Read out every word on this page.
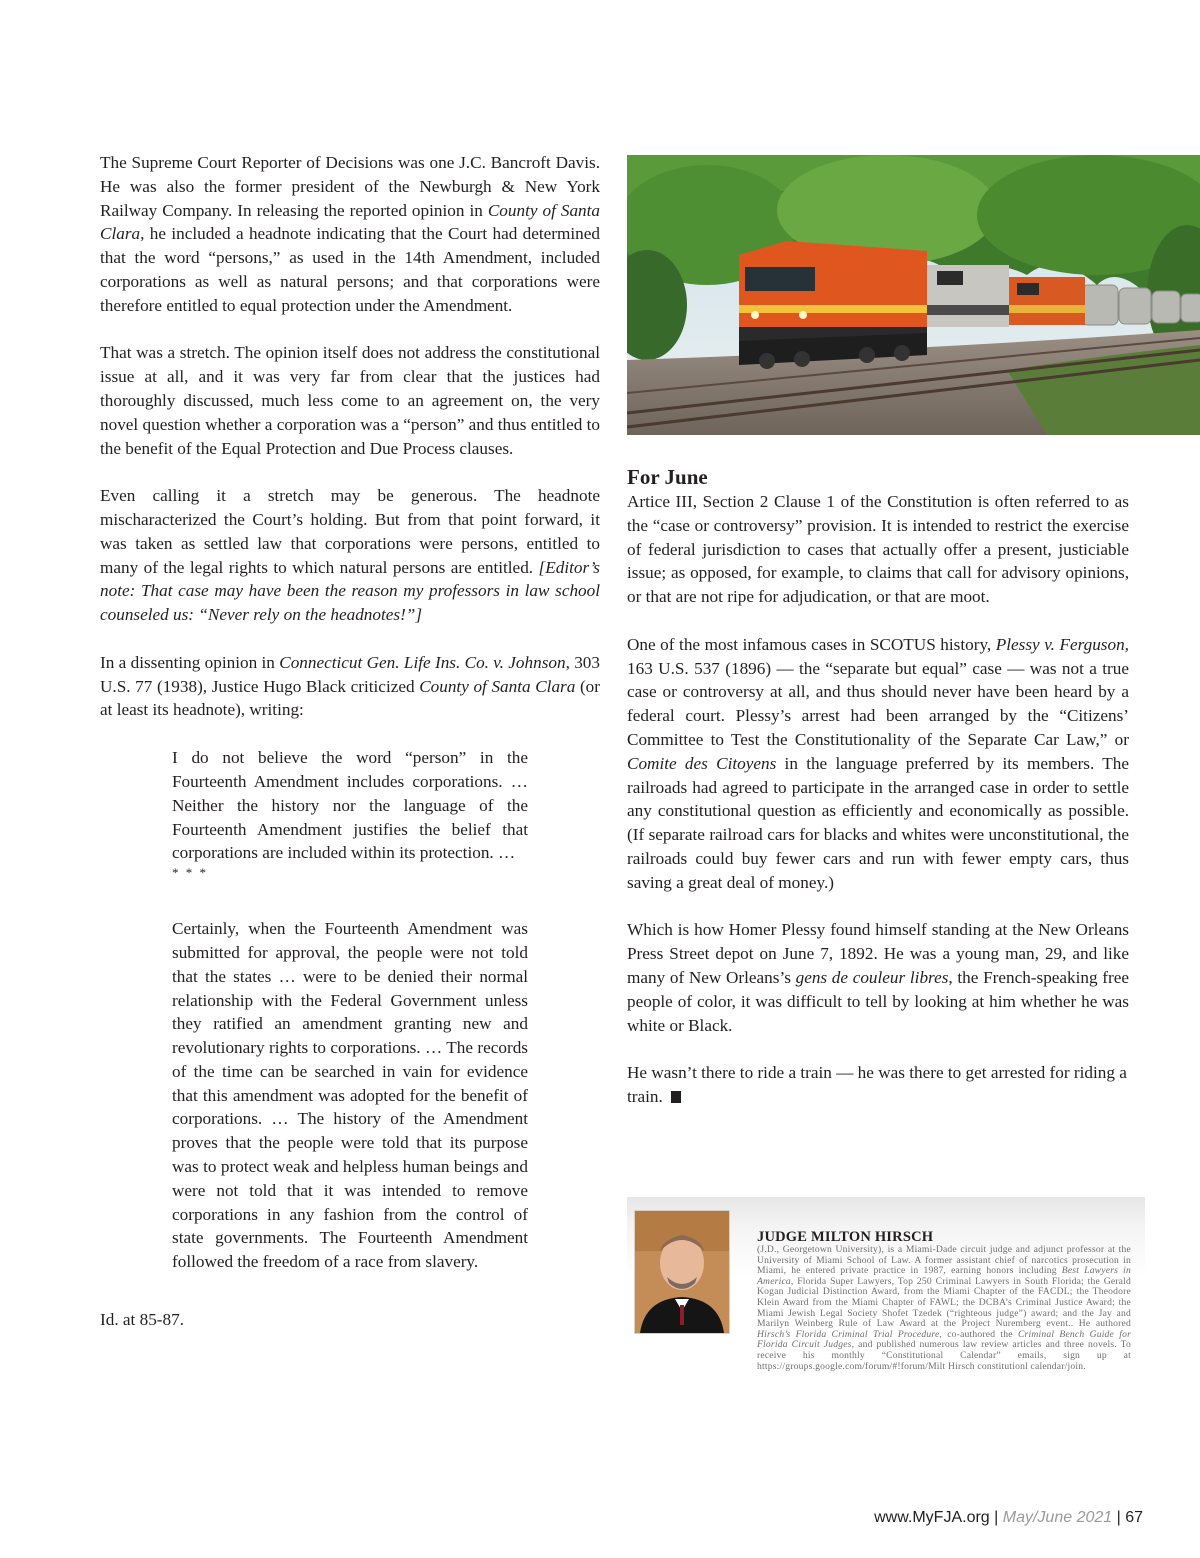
The Supreme Court Reporter of Decisions was one J.C. Bancroft Davis. He was also the former president of the Newburgh & New York Railway Company. In releasing the reported opinion in County of Santa Clara, he included a headnote indicating that the Court had determined that the word “persons,” as used in the 14th Amendment, included corporations as well as natural persons; and that corporations were therefore entitled to equal protection under the Amendment.

That was a stretch. The opinion itself does not address the constitutional issue at all, and it was very far from clear that the justices had thoroughly discussed, much less come to an agreement on, the very novel question whether a corporation was a “person” and thus entitled to the benefit of the Equal Protection and Due Process clauses.

Even calling it a stretch may be generous. The headnote mischaracterized the Court’s holding. But from that point forward, it was taken as settled law that corporations were persons, entitled to many of the legal rights to which natural persons are entitled. [Editor’s note: That case may have been the reason my professors in law school counseled us: “Never rely on the headnotes!”]

In a dissenting opinion in Connecticut Gen. Life Ins. Co. v. Johnson, 303 U.S. 77 (1938), Justice Hugo Black criticized County of Santa Clara (or at least its headnote), writing:

I do not believe the word “person” in the Fourteenth Amendment includes corporations. … Neither the history nor the language of the Fourteenth Amendment justifies the belief that corporations are included within its protection. …

* * *

Certainly, when the Fourteenth Amendment was submitted for approval, the people were not told that the states … were to be denied their normal relationship with the Federal Government unless they ratified an amendment granting new and revolutionary rights to corporations. … The records of the time can be searched in vain for evidence that this amendment was adopted for the benefit of corporations. … The history of the Amendment proves that the people were told that its purpose was to protect weak and helpless human beings and were not told that it was intended to remove corporations in any fashion from the control of state governments. The Fourteenth Amendment followed the freedom of a race from slavery.

Id. at 85-87.

For June

Artice III, Section 2 Clause 1 of the Constitution is often referred to as the “case or controversy” provision. It is intended to restrict the exercise of federal jurisdiction to cases that actually offer a present, justiciable issue; as opposed, for example, to claims that call for advisory opinions, or that are not ripe for adjudication, or that are moot.

One of the most infamous cases in SCOTUS history, Plessy v. Ferguson, 163 U.S. 537 (1896) — the “separate but equal” case — was not a true case or controversy at all, and thus should never have been heard by a federal court. Plessy’s arrest had been arranged by the “Citizens’ Committee to Test the Constitutionality of the Separate Car Law,” or Comite des Citoyens in the language preferred by its members. The railroads had agreed to participate in the arranged case in order to settle any constitutional question as efficiently and economically as possible. (If separate railroad cars for blacks and whites were unconstitutional, the railroads could buy fewer cars and run with fewer empty cars, thus saving a great deal of money.)

Which is how Homer Plessy found himself standing at the New Orleans Press Street depot on June 7, 1892. He was a young man, 29, and like many of New Orleans’s gens de couleur libres, the French-speaking free people of color, it was difficult to tell by looking at him whether he was white or Black.

He wasn’t there to ride a train — he was there to get arrested for riding a train.

JUDGE MILTON HIRSCH
(J.D., Georgetown University), is a Miami-Dade circuit judge and adjunct professor at the University of Miami School of Law. A former assistant chief of narcotics prosecution in Miami, he entered private practice in 1987, earning honors including Best Lawyers in America, Florida Super Lawyers, Top 250 Criminal Lawyers in South Florida; the Gerald Kogan Judicial Distinction Award, from the Miami Chapter of the FACDL; the Theodore Klein Award from the Miami Chapter of FAWL; the DCBA’s Criminal Justice Award; the Miami Jewish Legal Society Shofet Tzedek (“righteous judge”) award; and the Jay and Marilyn Weinberg Rule of Law Award at the Project Nuremberg event.. He authored Hirsch’s Florida Criminal Trial Procedure, co-authored the Criminal Bench Guide for Florida Circuit Judges, and published numerous law review articles and three novels. To receive his monthly “Constitutional Calendar” emails, sign up at https://groups.google.com/forum/#!forum/Milt Hirsch constitutionl calendar/join.
www.MyFJA.org | May/June 2021 | 67
